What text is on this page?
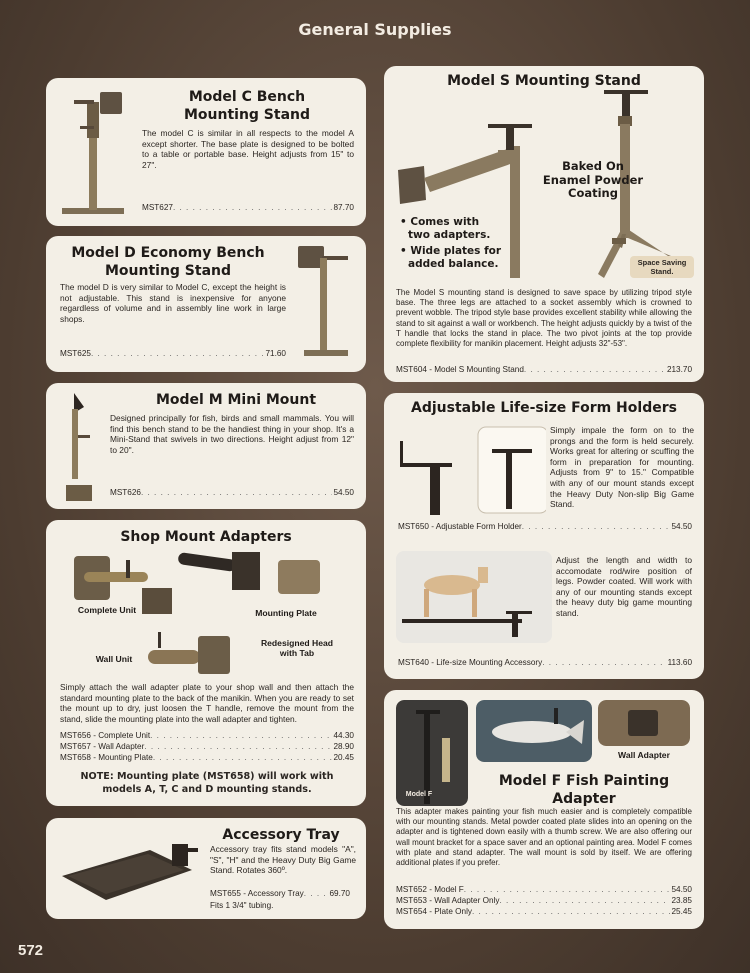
General Supplies
Model C Bench
Mounting Stand
The model C is similar in all respects to the model A except shorter. The base plate is designed to be bolted to a table or portable base. Height adjusts from 15" to 27".
MST627 . . .	87.70
Model D Economy Bench
Mounting Stand
The model D is very similar to Model C, except the height is not adjustable. This stand is inexpensive for anyone regardless of volume and in assembly line work in large shops.
MST625 . . .	71.60
Model M Mini Mount
Designed principally for fish, birds and small mammals. You will find this bench stand to be the handiest thing in your shop. It's a Mini-Stand that swivels in two directions. Height adjust from 12" to 20".
MST626 . . .	54.50
Shop Mount Adapters
Complete Unit	Mounting Plate
Wall Unit
Redesigned Head
with Tab
Simply attach the wall adapter plate to your shop wall and then attach the standard mounting plate to the back of the manikin. When you are ready to set the mount up to dry, just loosen the T handle, remove the mount from the stand, slide the mounting plate into the wall adapter and tighten.
MST656 - Complete Unit . . .	44.30
MST657 - Wall Adapter . . .	28.90
MST658 - Mounting Plate . . .	20.45
NOTE: Mounting plate (MST658) will work with
models A, T, C and D mounting stands.
Accessory Tray
Accessory tray fits stand models "A", "S", "H" and the Heavy Duty Big Game Stand. Rotates 360º.
MST655 - Accessory Tray . . .	69.70
Fits 1 3/4" tubing.
Model S Mounting Stand
Baked On
Enamel Powder
Coating
• Comes with
two adapters.
• Wide plates for
added balance.	Space Saving
Stand.
The Model S mounting stand is designed to save space by utilizing tripod style base. The three legs are attached to a socket assembly which is crowned to prevent wobble. The tripod style base provides excellent stability while allowing the stand to sit against a wall or workbench. The height adjusts quickly by a twist of the T handle that locks the stand in place. The two pivot joints at the top provide complete flexibility for manikin placement. Height adjusts 32"-53".
MST604 - Model S Mounting Stand . . .	213.70
Adjustable Life-size Form Holders
Simply impale the form on to the prongs and the form is held securely. Works great for altering or scuffing the form in preparation for mounting. Adjusts from 9" to 15." Compatible with any of our mount stands except the Heavy Duty Non-slip Big Game Stand.
MST650 - Adjustable Form Holder . . .	54.50
Adjust the length and width to accomodate rod/wire position of legs. Powder coated. Will work with any of our mounting stands except the heavy duty big game mounting stand.
MST640 - Life-size Mounting Accessory . . .	113.60
Model F
Wall Adapter
Model F Fish Painting
Adapter
This adapter makes painting your fish much easier and is completely compatible with our mounting stands. Metal powder coated plate slides into an opening on the adapter and is tightened down easily with a thumb screw. We are also offering our wall mount bracket for a space saver and an optional painting area. Model F comes with plate and stand adapter. The wall mount is sold by itself. We are offering additional plates if you prefer.
MST652 - Model F . . .	54.50
MST653 - Wall Adapter Only . . .	23.85
MST654 - Plate Only . . .	25.45
572
